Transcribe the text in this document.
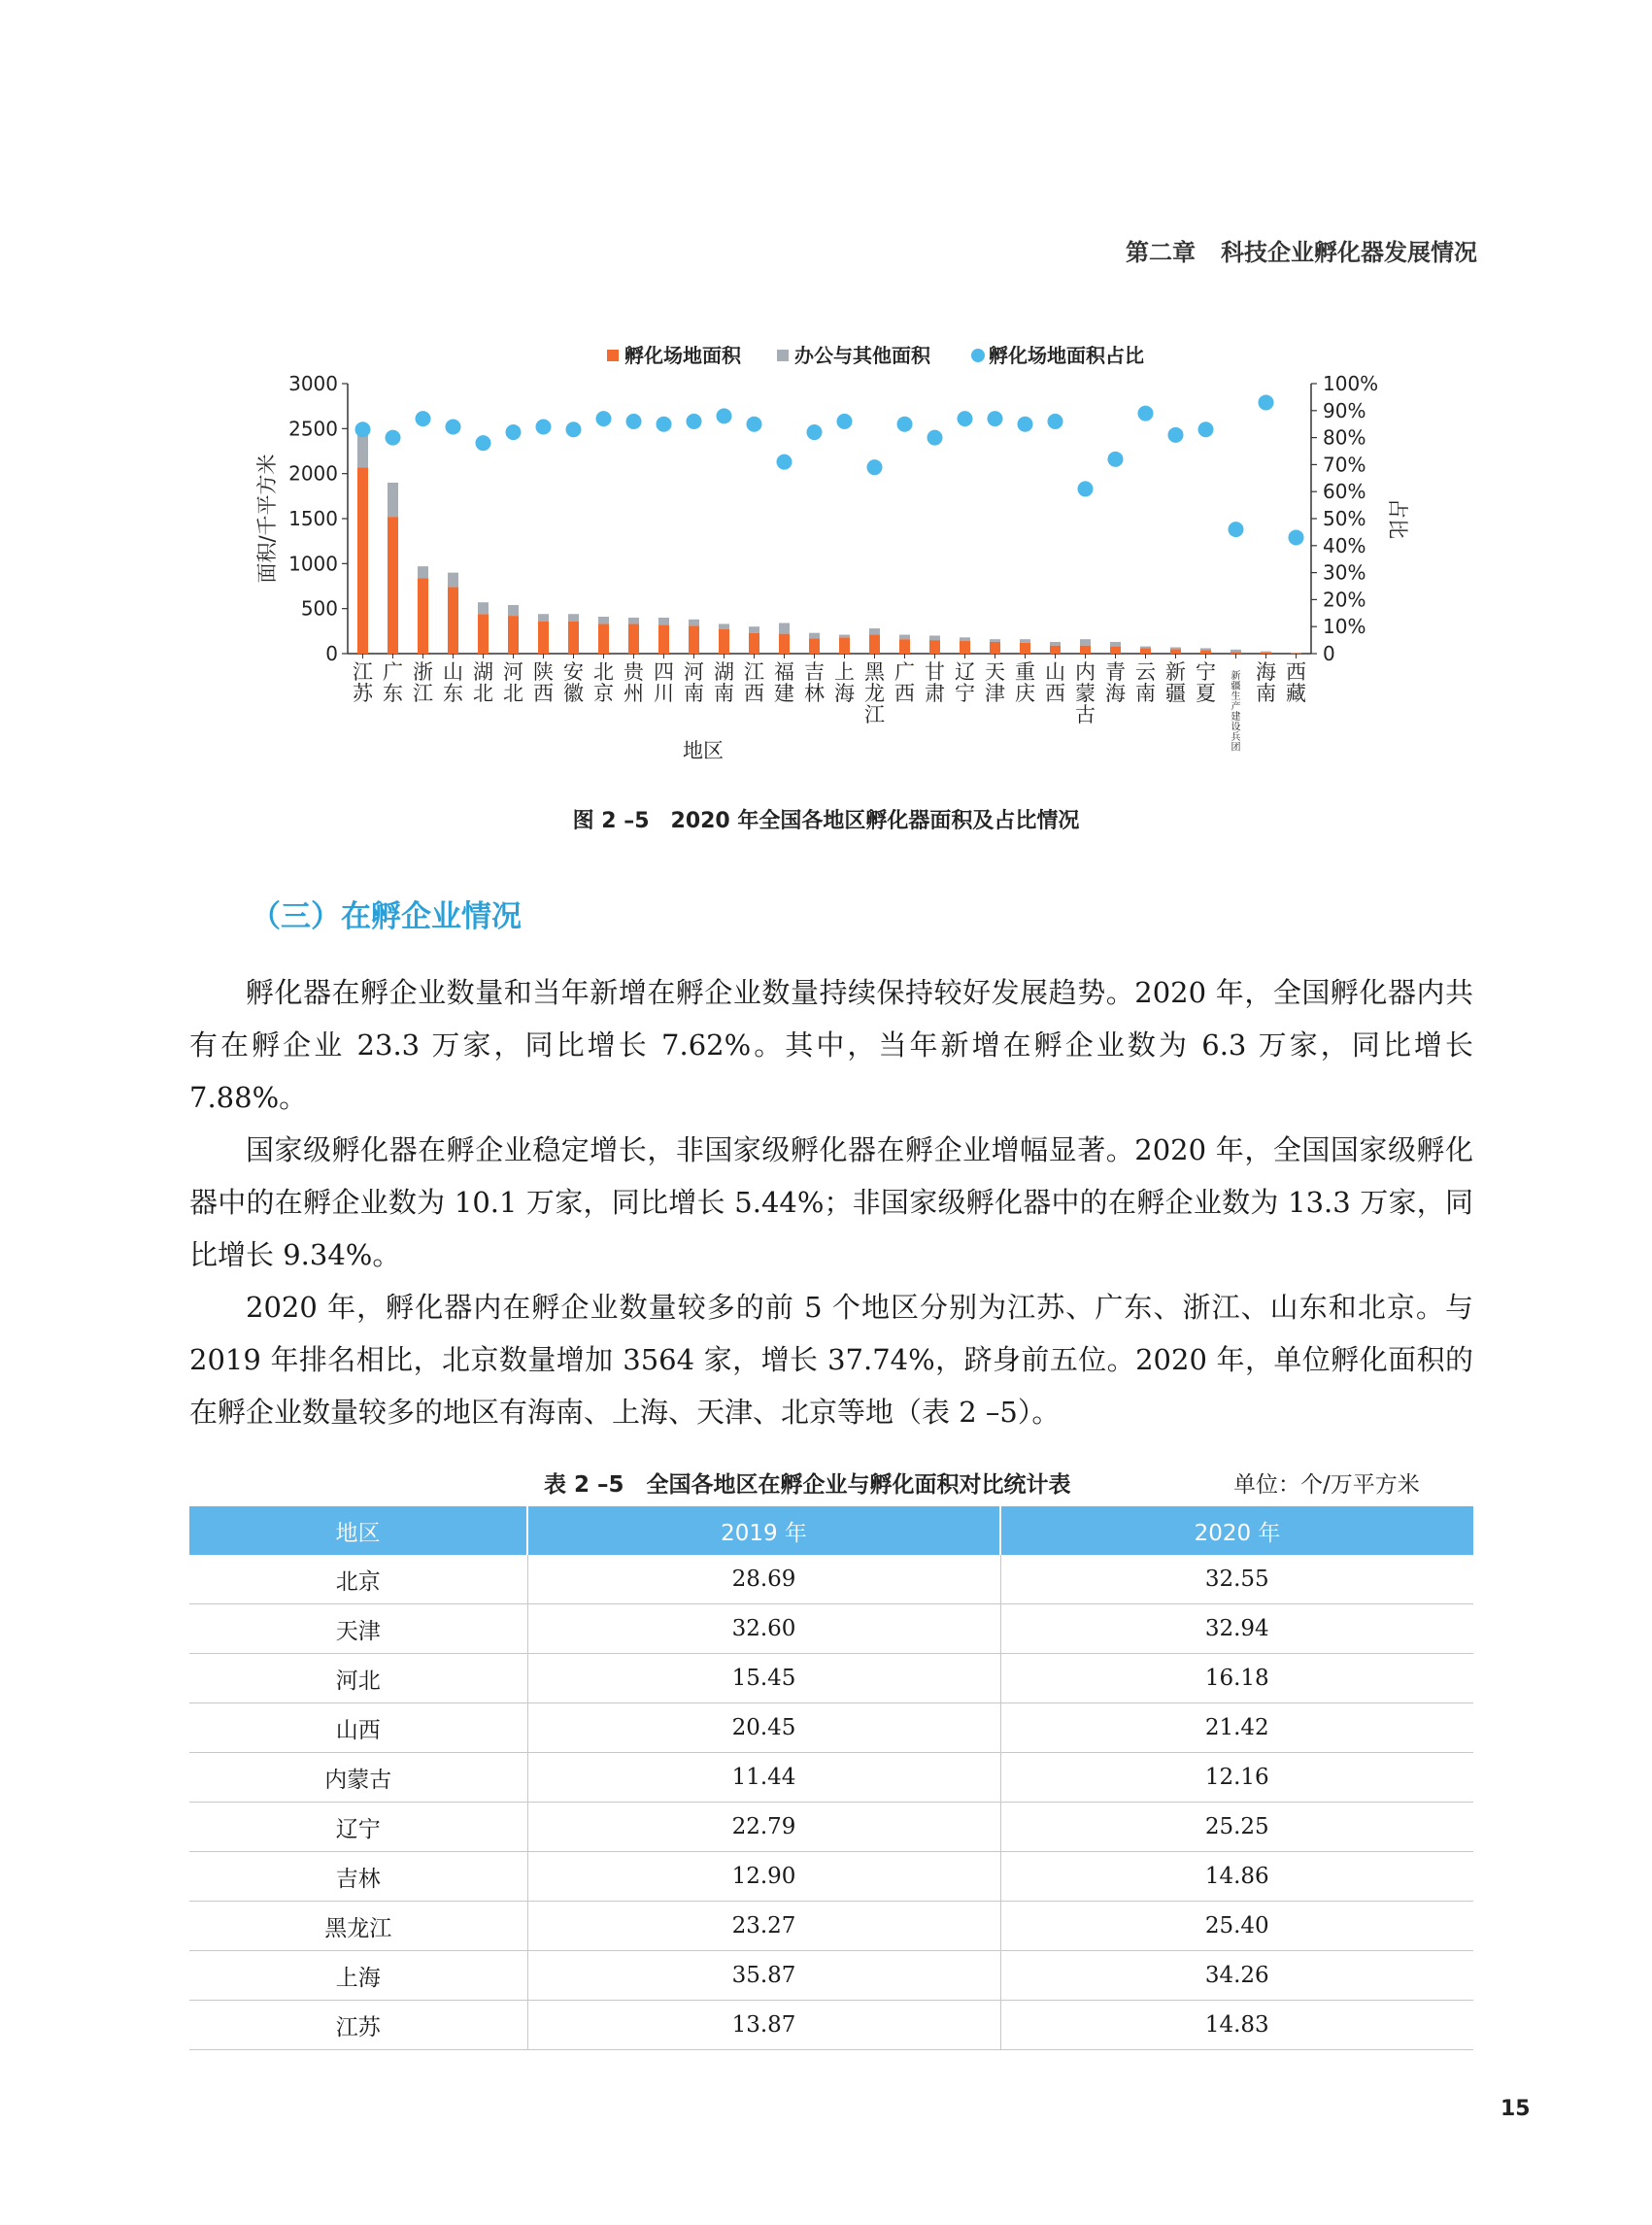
第二章 科技企业孵化器发展情况
0
500
1000
1500
2000
2500
3000
0
10%
20%
30%
40%
50%
60%
70%
80%
90%
100%
面积/千平方米	占比
孵化场地面积	办公与其他面积	孵化场地面积占比
江苏
广东
浙江
山东
湖北
河北
陕西
安徽
北京
贵州
四川
河南
湖南
江西
福建
吉林
上海
黑龙江
广西
甘肃
辽宁
天津
重庆
山西
内蒙古
青海
云南
新疆
宁夏
新疆生产建设兵团
海南
西藏
地区
图 2 –5　2020 年全国各地区孵化器面积及占比情况
（三）在孵企业情况

孵化器在孵企业数量和当年新增在孵企业数量持续保持较好发展趋势。2020 年，全国孵化器内共有在孵企业 23.3 万家，同比增长 7.62%。其中，当年新增在孵企业数为 6.3 万家，同比增长 7.88%。

国家级孵化器在孵企业稳定增长，非国家级孵化器在孵企业增幅显著。2020 年，全国国家级孵化器中的在孵企业数为 10.1 万家，同比增长 5.44%；非国家级孵化器中的在孵企业数为 13.3 万家，同比增长 9.34%。

2020 年，孵化器内在孵企业数量较多的前 5 个地区分别为江苏、广东、浙江、山东和北京。与 2019 年排名相比，北京数量增加 3564 家，增长 37.74%，跻身前五位。2020 年，单位孵化面积的在孵企业数量较多的地区有海南、上海、天津、北京等地（表 2 –5）。

表 2 –5　全国各地区在孵企业与孵化面积对比统计表	单位：个/万平方米
地区	2019 年	2020 年
北京	28.69	32.55
天津	32.60	32.94
河北	15.45	16.18
山西	20.45	21.42
内蒙古	11.44	12.16
辽宁	22.79	25.25
吉林	12.90	14.86
黑龙江	23.27	25.40
上海	35.87	34.26
江苏	13.87	14.83
15
